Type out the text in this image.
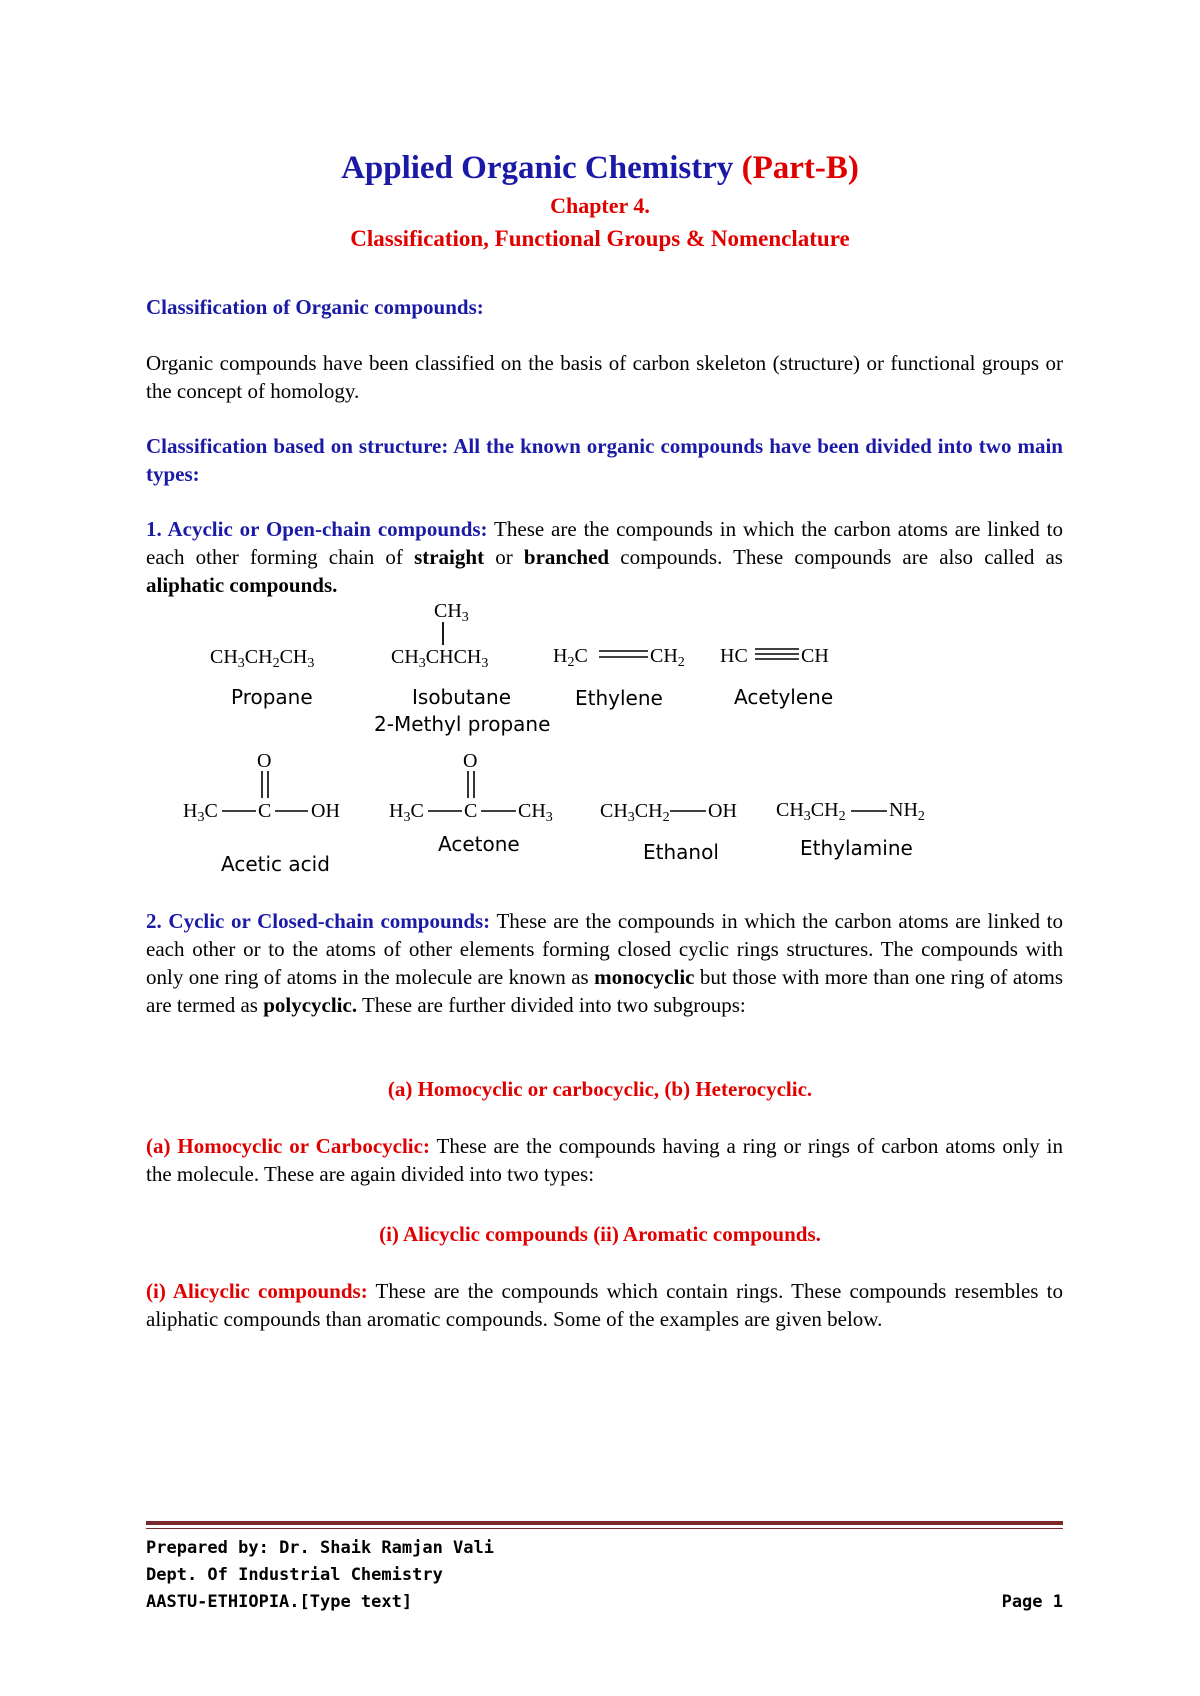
Applied Organic Chemistry (Part-B)
Chapter 4.
Classification, Functional Groups & Nomenclature
Classification of Organic compounds:
Organic compounds have been classified on the basis of carbon skeleton (structure) or functional groups or the concept of homology.
Classification based on structure: All the known organic compounds have been divided into two main types:
1. Acyclic or Open-chain compounds: These are the compounds in which the carbon atoms are linked to each other forming chain of straight or branched compounds. These compounds are also called as aliphatic compounds.
$CH_3CH_2CH_3$
Propane
$CH_3$
$CH_3CHCH_3$
Isobutane
2-Methyl propane
$H_2C$	$CH_2$
Ethylene
HC	CH
Acetylene
O
$H_3C$ C OH
Acetic acid
O
$H_3C$ C $CH_3$
Acetone
$CH_3CH_2$ OH
Ethanol
$CH_3CH_2$ $NH_2$
Ethylamine
2. Cyclic or Closed-chain compounds: These are the compounds in which the carbon atoms are linked to each other or to the atoms of other elements forming closed cyclic rings structures. The compounds with only one ring of atoms in the molecule are known as monocyclic but those with more than one ring of atoms are termed as polycyclic. These are further divided into two subgroups:
(a) Homocyclic or carbocyclic, (b) Heterocyclic.
(a) Homocyclic or Carbocyclic: These are the compounds having a ring or rings of carbon atoms only in the molecule. These are again divided into two types:
(i) Alicyclic compounds (ii) Aromatic compounds.
(i) Alicyclic compounds: These are the compounds which contain rings. These compounds resembles to aliphatic compounds than aromatic compounds. Some of the examples are given below.
Prepared by: Dr. Shaik Ramjan Vali
Dept. Of Industrial Chemistry
AASTU-ETHIOPIA.[Type text]	Page 1
